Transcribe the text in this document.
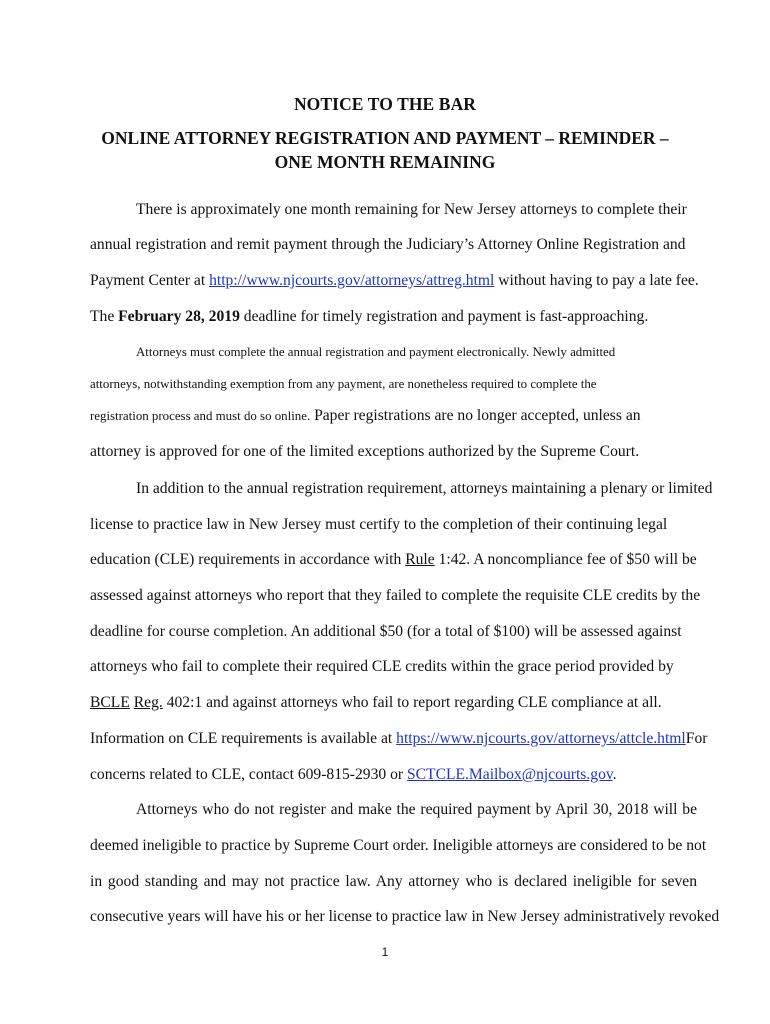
NOTICE TO THE BAR
ONLINE ATTORNEY REGISTRATION AND PAYMENT – REMINDER –
ONE MONTH REMAINING
There is approximately one month remaining for New Jersey attorneys to complete their
annual registration and remit payment through the Judiciary’s Attorney Online Registration and
Payment Center at http://www.njcourts.gov/attorneys/attreg.html without having to pay a late fee.
The February 28, 2019 deadline for timely registration and payment is fast-approaching.
Attorneys must complete the annual registration and payment electronically. Newly admitted
attorneys, notwithstanding exemption from any payment, are nonetheless required to complete the
registration process and must do so online. Paper registrations are no longer accepted, unless an
attorney is approved for one of the limited exceptions authorized by the Supreme Court.
In addition to the annual registration requirement, attorneys maintaining a plenary or limited
license to practice law in New Jersey must certify to the completion of their continuing legal
education (CLE) requirements in accordance with Rule 1:42. A noncompliance fee of $50 will be
assessed against attorneys who report that they failed to complete the requisite CLE credits by the
deadline for course completion. An additional $50 (for a total of $100) will be assessed against
attorneys who fail to complete their required CLE credits within the grace period provided by
BCLE Reg. 402:1 and against attorneys who fail to report regarding CLE compliance at all.
Information on CLE requirements is available at https://www.njcourts.gov/attorneys/attcle.htmlFor
concerns related to CLE, contact 609-815-2930 or SCTCLE.Mailbox@njcourts.gov.
Attorneys who do not register and make the required payment by April 30, 2018 will be
deemed ineligible to practice by Supreme Court order. Ineligible attorneys are considered to be not
in good standing and may not practice law. Any attorney who is declared ineligible for seven
consecutive years will have his or her license to practice law in New Jersey administratively revoked
1
